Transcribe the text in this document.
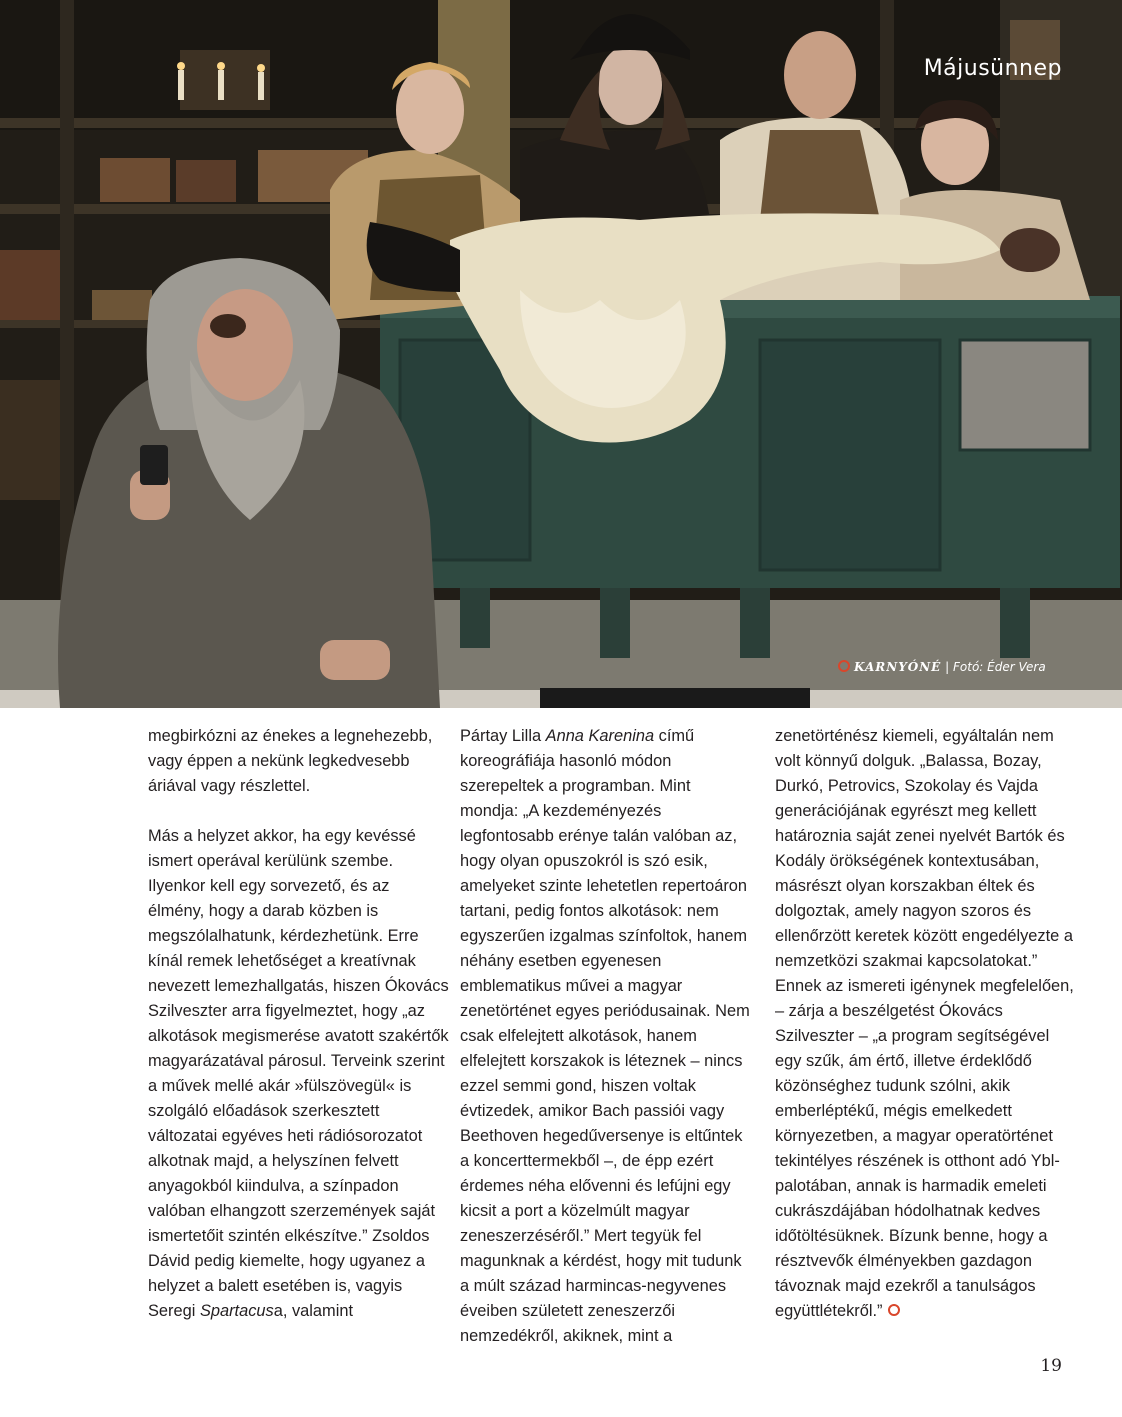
Májusünnep
KARNYÓNÉ | Fotó: Éder Vera

megbirkózni az énekes a legnehezebb, vagy éppen a nekünk legkedvesebb áriával vagy részlettel.

Más a helyzet akkor, ha egy kevéssé ismert operával kerülünk szembe. Ilyenkor kell egy sorvezető, és az élmény, hogy a darab közben is megszólalhatunk, kérdezhetünk. Erre kínál remek lehetőséget a kreatívnak nevezett lemezhallgatás, hiszen Ókovács Szilveszter arra figyelmeztet, hogy „az alkotások megismerése avatott szakértők magyarázatával párosul. Terveink szerint a művek mellé akár »fülszövegül« is szolgáló előadások szerkesztett változatai egyéves heti rádiósorozatot alkotnak majd, a helyszínen felvett anyagokból kiindulva, a színpadon valóban elhangzott szerzemények saját ismertetőit szintén elkészítve.” Zsoldos Dávid pedig kiemelte, hogy ugyanez a helyzet a balett esetében is, vagyis Seregi Spartacusa, valamint

Pártay Lilla Anna Karenina című koreográfiája hasonló módon szerepeltek a programban. Mint mondja: „A kezdeményezés legfontosabb erénye talán valóban az, hogy olyan opuszokról is szó esik, amelyeket szinte lehetetlen repertoáron tartani, pedig fontos alkotások: nem egyszerűen izgalmas színfoltok, hanem néhány esetben egyenesen emblematikus művei a magyar zenetörténet egyes periódusainak. Nem csak elfelejtett alkotások, hanem elfelejtett korszakok is léteznek – nincs ezzel semmi gond, hiszen voltak évtizedek, amikor Bach passiói vagy Beethoven hegedűversenye is eltűntek a koncerttermekből –, de épp ezért érdemes néha elővenni és lefújni egy kicsit a port a közelmúlt magyar zeneszerzéséről.” Mert tegyük fel magunknak a kérdést, hogy mit tudunk a múlt század harmincas-negyvenes éveiben született zeneszerzői nemzedékről, akiknek, mint a

zenetörténész kiemeli, egyáltalán nem volt könnyű dolguk. „Balassa, Bozay, Durkó, Petrovics, Szokolay és Vajda generációjának egyrészt meg kellett határoznia saját zenei nyelvét Bartók és Kodály örökségének kontextusában, másrészt olyan korszakban éltek és dolgoztak, amely nagyon szoros és ellenőrzött keretek között engedélyezte a nemzetközi szakmai kapcsolatokat.” Ennek az ismereti igénynek megfelelően, – zárja a beszélgetést Ókovács Szilveszter – „a program segítségével egy szűk, ám értő, illetve érdeklődő közönséghez tudunk szólni, akik emberléptékű, mégis emelkedett környezetben, a magyar operatörténet tekintélyes részének is otthont adó Ybl-palotában, annak is harmadik emeleti cukrászdájában hódolhatnak kedves időtöltésüknek. Bízunk benne, hogy a résztvevők élményekben gazdagon távoznak majd ezekről a tanulságos együttlétekről.”

19
